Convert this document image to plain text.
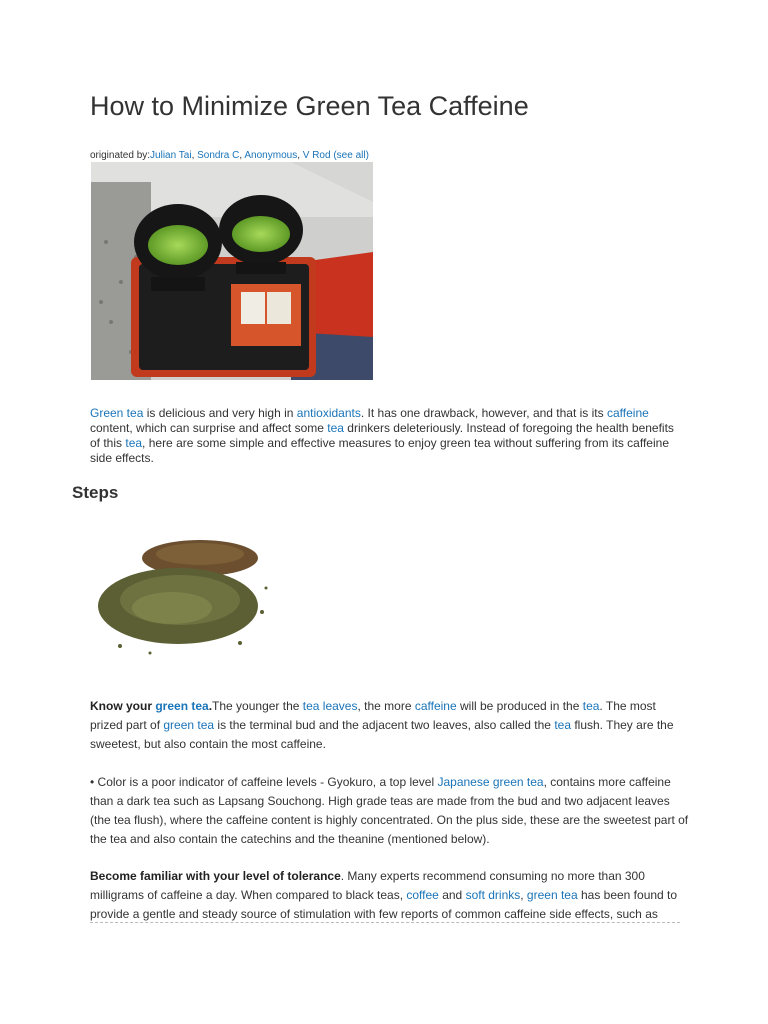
How to Minimize Green Tea Caffeine
originated by:Julian Tai, Sondra C, Anonymous, V Rod (see all)

Green tea is delicious and very high in antioxidants. It has one drawback, however, and that is its caffeine content, which can surprise and affect some tea drinkers deleteriously. Instead of foregoing the health benefits of this tea, here are some simple and effective measures to enjoy green tea without suffering from its caffeine side effects.

Steps

Know your green tea.The younger the tea leaves, the more caffeine will be produced in the tea. The most prized part of green tea is the terminal bud and the adjacent two leaves, also called the tea flush. They are the sweetest, but also contain the most caffeine.

• Color is a poor indicator of caffeine levels - Gyokuro, a top level Japanese green tea, contains more caffeine than a dark tea such as Lapsang Souchong. High grade teas are made from the bud and two adjacent leaves (the tea flush), where the caffeine content is highly concentrated. On the plus side, these are the sweetest part of the tea and also contain the catechins and the theanine (mentioned below).

Become familiar with your level of tolerance. Many experts recommend consuming no more than 300 milligrams of caffeine a day. When compared to black teas, coffee and soft drinks, green tea has been found to provide a gentle and steady source of stimulation with few reports of common caffeine side effects, such as
